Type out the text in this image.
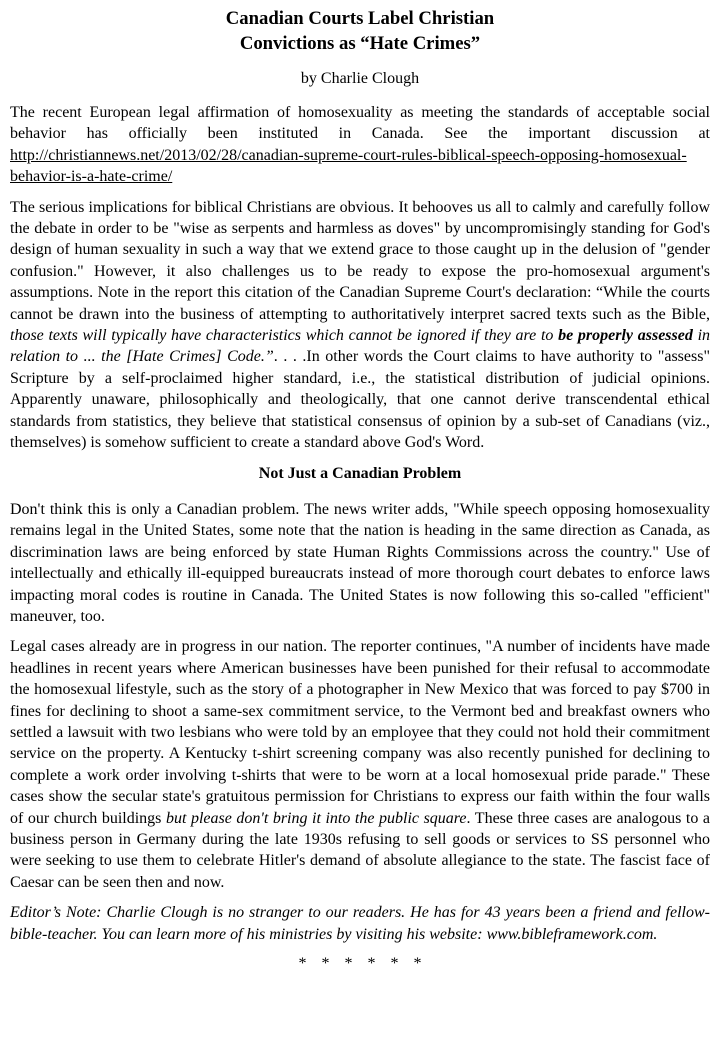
Canadian Courts Label Christian
Convictions as “Hate Crimes”

by Charlie Clough

The recent European legal affirmation of homosexuality as meeting the standards of acceptable social behavior has officially been instituted in Canada. See the important discussion at http://christiannews.net/2013/02/28/canadian-supreme-court-rules-biblical-speech-opposing-homosexual-behavior-is-a-hate-crime/

The serious implications for biblical Christians are obvious. It behooves us all to calmly and carefully follow the debate in order to be "wise as serpents and harmless as doves" by uncompromisingly standing for God's design of human sexuality in such a way that we extend grace to those caught up in the delusion of "gender confusion." However, it also challenges us to be ready to expose the pro-homosexual argument's assumptions. Note in the report this citation of the Canadian Supreme Court's declaration: “While the courts cannot be drawn into the business of attempting to authoritatively interpret sacred texts such as the Bible, those texts will typically have characteristics which cannot be ignored if they are to be properly assessed in relation to ... the [Hate Crimes] Code.”. . . .In other words the Court claims to have authority to "assess" Scripture by a self-proclaimed higher standard, i.e., the statistical distribution of judicial opinions. Apparently unaware, philosophically and theologically, that one cannot derive transcendental ethical standards from statistics, they believe that statistical consensus of opinion by a sub-set of Canadians (viz., themselves) is somehow sufficient to create a standard above God's Word.

Not Just a Canadian Problem

Don't think this is only a Canadian problem. The news writer adds, "While speech opposing homosexuality remains legal in the United States, some note that the nation is heading in the same direction as Canada, as discrimination laws are being enforced by state Human Rights Commissions across the country." Use of intellectually and ethically ill-equipped bureaucrats instead of more thorough court debates to enforce laws impacting moral codes is routine in Canada. The United States is now following this so-called "efficient" maneuver, too.

Legal cases already are in progress in our nation. The reporter continues, "A number of incidents have made headlines in recent years where American businesses have been punished for their refusal to accommodate the homosexual lifestyle, such as the story of a photographer in New Mexico that was forced to pay $700 in fines for declining to shoot a same-sex commitment service, to the Vermont bed and breakfast owners who settled a lawsuit with two lesbians who were told by an employee that they could not hold their commitment service on the property. A Kentucky t-shirt screening company was also recently punished for declining to complete a work order involving t-shirts that were to be worn at a local homosexual pride parade." These cases show the secular state's gratuitous permission for Christians to express our faith within the four walls of our church buildings but please don't bring it into the public square. These three cases are analogous to a business person in Germany during the late 1930s refusing to sell goods or services to SS personnel who were seeking to use them to celebrate Hitler's demand of absolute allegiance to the state. The fascist face of Caesar can be seen then and now.

Editor’s Note: Charlie Clough is no stranger to our readers. He has for 43 years been a friend and fellow-bible-teacher. You can learn more of his ministries by visiting his website: www.bibleframework.com.

* * * * * *
